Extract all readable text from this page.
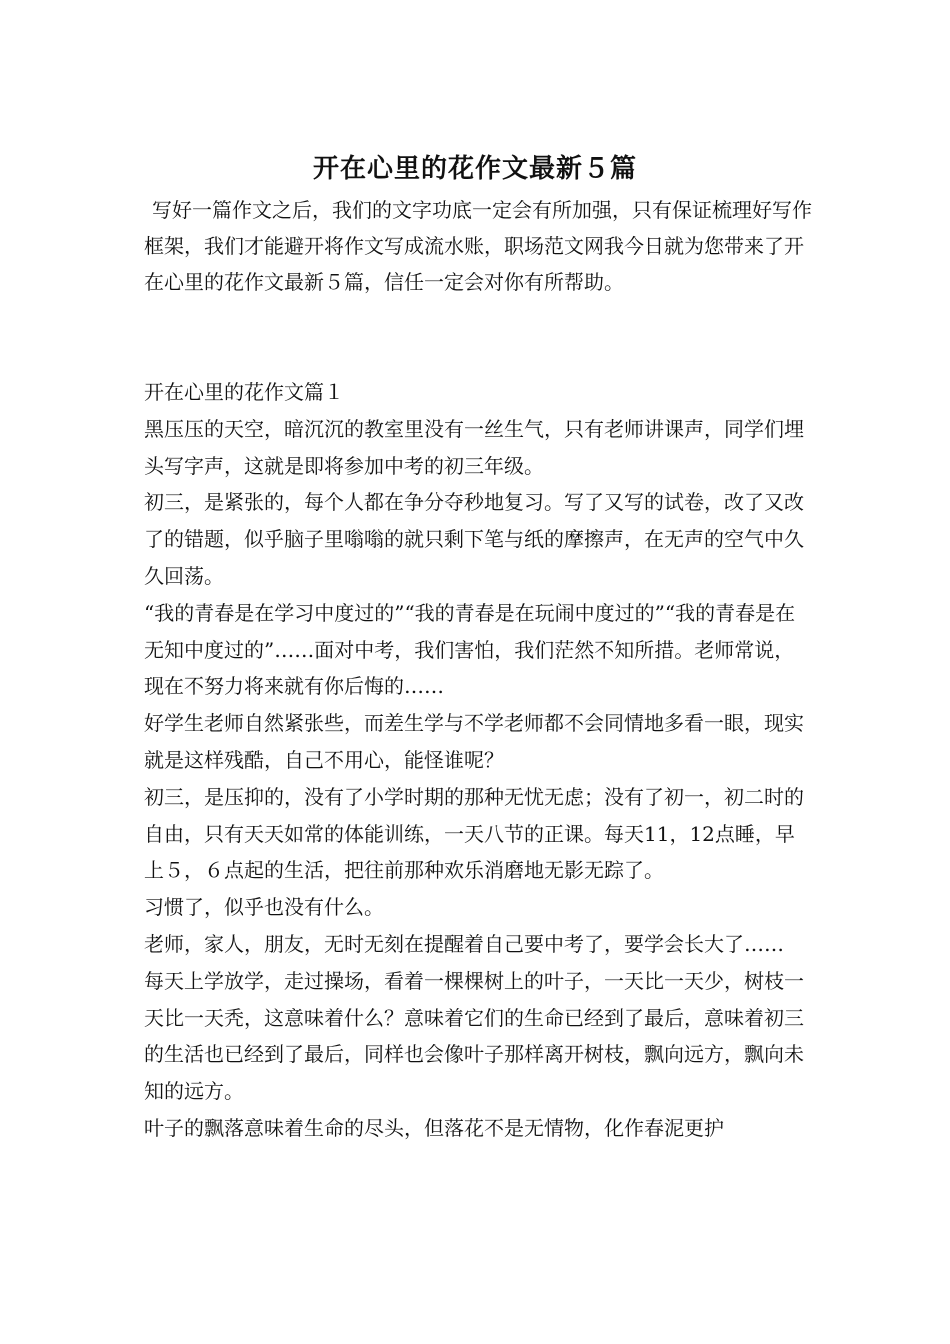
开在心里的花作文最新５篇

写好一篇作文之后，我们的文字功底一定会有所加强，只有保证梳理好写作框架，我们才能避开将作文写成流水账，职场范文网我今日就为您带来了开在心里的花作文最新５篇，信任一定会对你有所帮助。

开在心里的花作文篇１

黑压压的天空，暗沉沉的教室里没有一丝生气，只有老师讲课声，同学们埋头写字声，这就是即将参加中考的初三年级。

初三，是紧张的，每个人都在争分夺秒地复习。写了又写的试卷，改了又改了的错题，似乎脑子里嗡嗡的就只剩下笔与纸的摩擦声，在无声的空气中久久回荡。

“我的青春是在学习中度过的”“我的青春是在玩闹中度过的”“我的青春是在无知中度过的”……面对中考，我们害怕，我们茫然不知所措。老师常说，现在不努力将来就有你后悔的……

好学生老师自然紧张些，而差生学与不学老师都不会同情地多看一眼，现实就是这样残酷，自己不用心，能怪谁呢？

初三，是压抑的，没有了小学时期的那种无忧无虑；没有了初一，初二时的自由，只有天天如常的体能训练，一天八节的正课。每天11，12点睡，早上５，６点起的生活，把往前那种欢乐消磨地无影无踪了。

习惯了，似乎也没有什么。

老师，家人，朋友，无时无刻在提醒着自己要中考了，要学会长大了……

每天上学放学，走过操场，看着一棵棵树上的叶子，一天比一天少，树枝一天比一天秃，这意味着什么？意味着它们的生命已经到了最后，意味着初三的生活也已经到了最后，同样也会像叶子那样离开树枝，飘向远方，飘向未知的远方。

叶子的飘落意味着生命的尽头，但落花不是无情物，化作春泥更护
